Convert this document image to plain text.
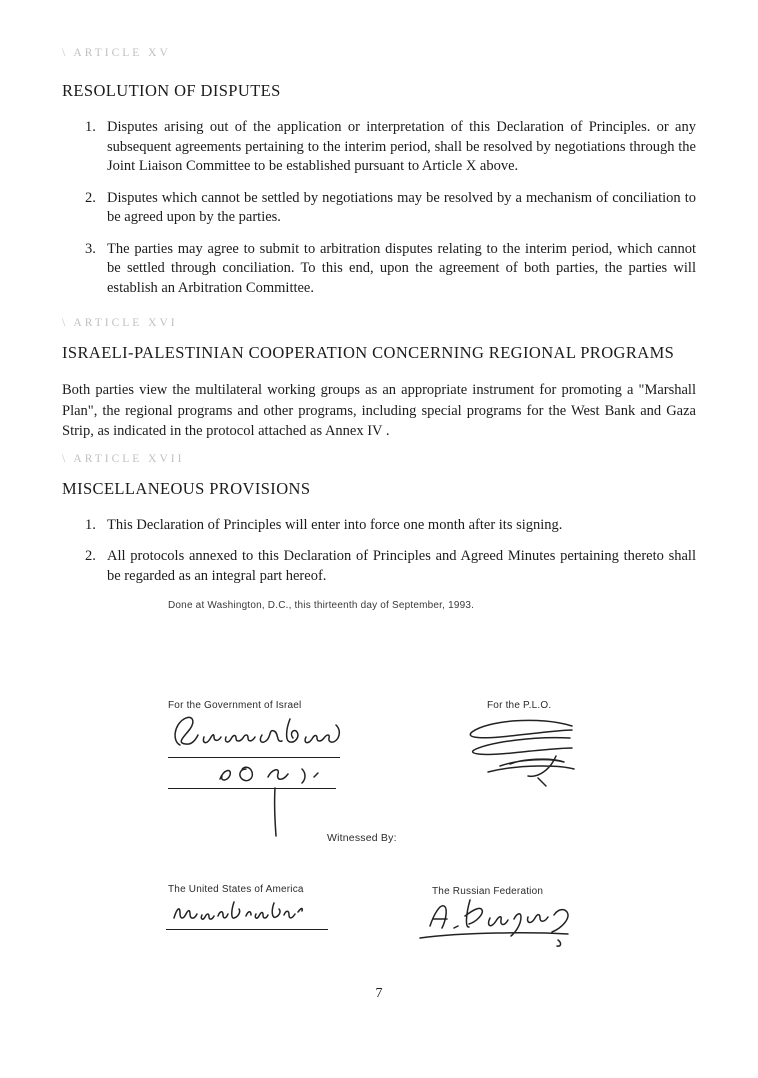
\ ARTICLE XV
RESOLUTION OF DISPUTES
1. Disputes arising out of the application or interpretation of this Declaration of Principles. or any subsequent agreements pertaining to the interim period, shall be resolved by negotiations through the Joint Liaison Committee to be established pursuant to Article X above.
2. Disputes which cannot be settled by negotiations may be resolved by a mechanism of conciliation to be agreed upon by the parties.
3. The parties may agree to submit to arbitration disputes relating to the interim period, which cannot be settled through conciliation. To this end, upon the agreement of both parties, the parties will establish an Arbitration Committee.
\ ARTICLE XVI
ISRAELI-PALESTINIAN COOPERATION CONCERNING REGIONAL PROGRAMS
Both parties view the multilateral working groups as an appropriate instrument for promoting a "Marshall Plan", the regional programs and other programs, including special programs for the West Bank and Gaza Strip, as indicated in the protocol attached as Annex IV .
\ ARTICLE XVII
MISCELLANEOUS PROVISIONS
1. This Declaration of Principles will enter into force one month after its signing.
2. All protocols annexed to this Declaration of Principles and Agreed Minutes pertaining thereto shall be regarded as an integral part hereof.
Done at Washington, D.C., this thirteenth day of September, 1993.
For the Government of Israel	For the P.L.O.
Witnessed By:
The United States of America	The Russian Federation
7
